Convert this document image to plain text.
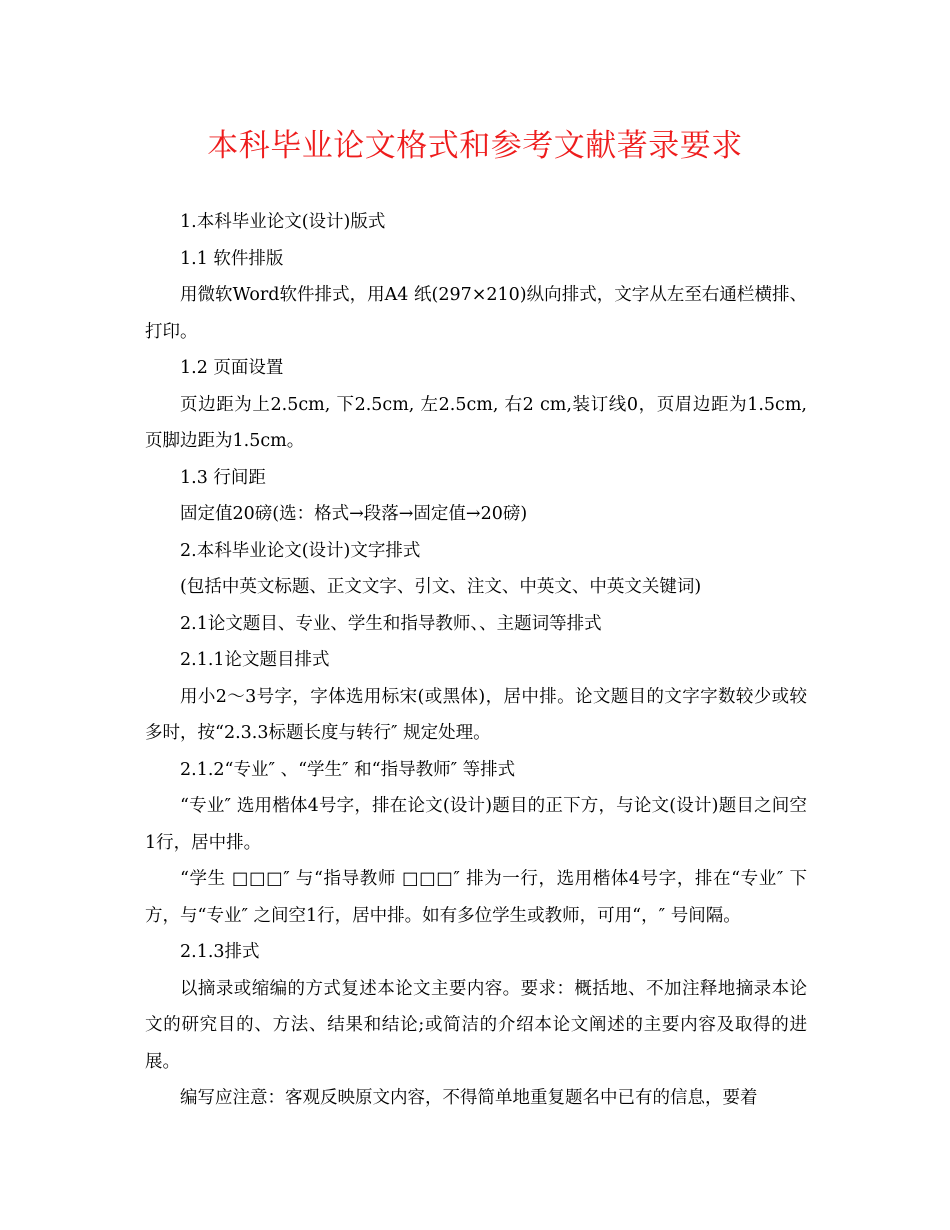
本科毕业论文格式和参考文献著录要求

1.本科毕业论文(设计)版式

1.1 软件排版

用微软Word软件排式，用A4 纸(297×210)纵向排式，文字从左至右通栏横排、打印。

1.2 页面设置

页边距为上2.5cm, 下2.5cm, 左2.5cm, 右2 cm,装订线0，页眉边距为1.5cm,页脚边距为1.5cm。

1.3 行间距

固定值20磅(选：格式→段落→固定值→20磅)

2.本科毕业论文(设计)文字排式

(包括中英文标题、正文文字、引文、注文、中英文、中英文关键词)

2.1论文题目、专业、学生和指导教师、、主题词等排式

2.1.1论文题目排式

用小2～3号字，字体选用标宋(或黑体)，居中排。论文题目的文字字数较少或较多时，按“2.3.3标题长度与转行″ 规定处理。

2.1.2“专业″ 、“学生″ 和“指导教师″ 等排式

“专业″ 选用楷体4号字，排在论文(设计)题目的正下方，与论文(设计)题目之间空1行，居中排。

“学生 □□□″ 与“指导教师 □□□″ 排为一行，选用楷体4号字，排在“专业″ 下方，与“专业″ 之间空1行，居中排。如有多位学生或教师，可用“，″ 号间隔。

2.1.3排式

以摘录或缩编的方式复述本论文主要内容。要求：概括地、不加注释地摘录本论文的研究目的、方法、结果和结论;或简洁的介绍本论文阐述的主要内容及取得的进展。

编写应注意：客观反映原文内容，不得简单地重复题名中已有的信息，要着
